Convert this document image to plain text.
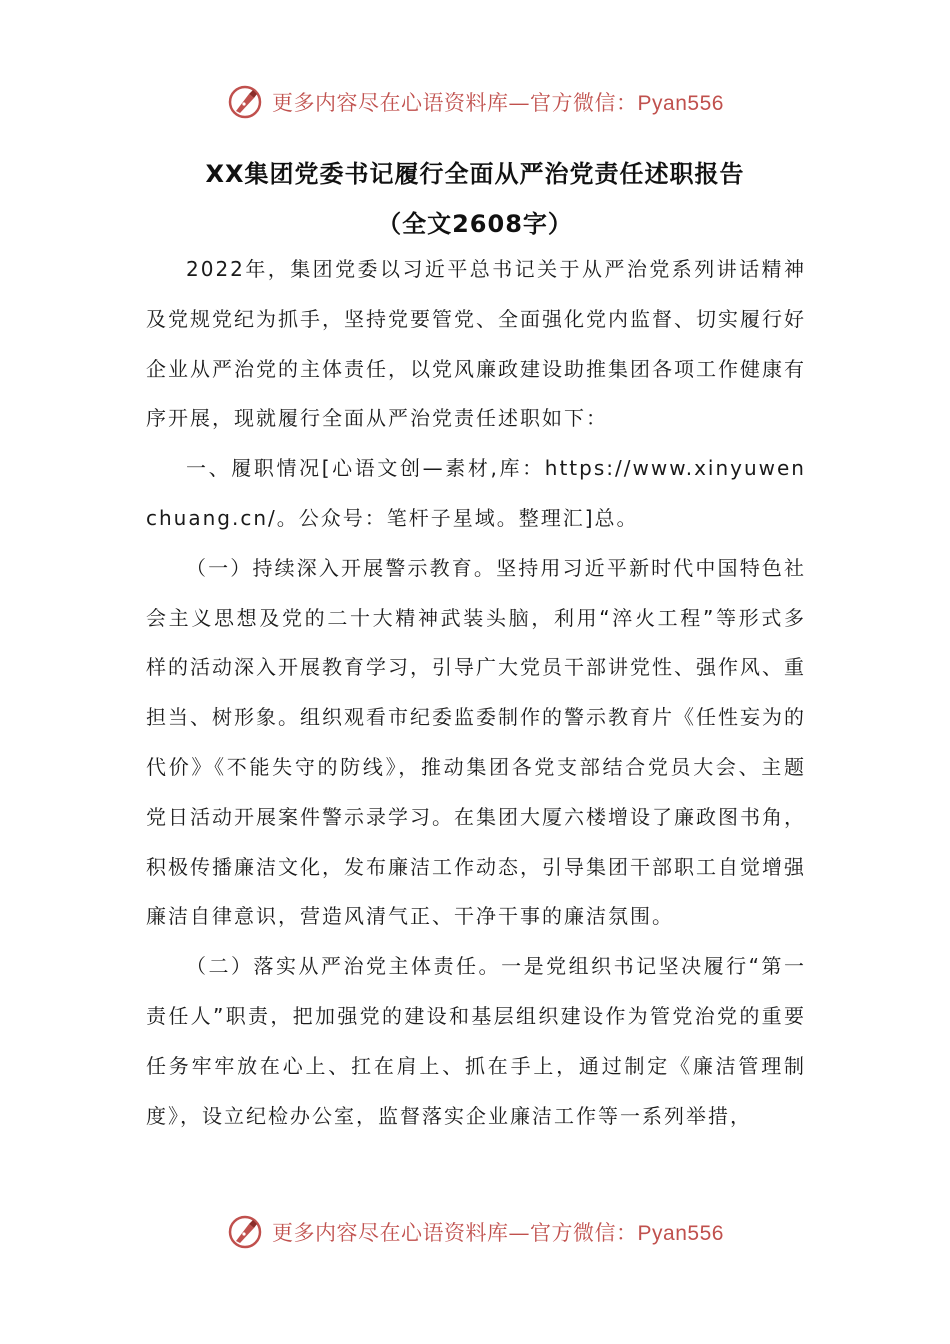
更多内容尽在心语资料库—官方微信：Pyan556
XX集团党委书记履行全面从严治党责任述职报告
（全文2608字）

2022年，集团党委以习近平总书记关于从严治党系列讲话精神及党规党纪为抓手，坚持党要管党、全面强化党内监督、切实履行好企业从严治党的主体责任，以党风廉政建设助推集团各项工作健康有序开展，现就履行全面从严治党责任述职如下：

一、履职情况[心语文创—素材,库：https://www.xinyuwenchuang.cn/。公众号：笔杆子星域。整理汇]总。

（一）持续深入开展警示教育。坚持用习近平新时代中国特色社会主义思想及党的二十大精神武装头脑，利用“淬火工程”等形式多样的活动深入开展教育学习，引导广大党员干部讲党性、强作风、重担当、树形象。组织观看市纪委监委制作的警示教育片《任性妄为的代价》《不能失守的防线》，推动集团各党支部结合党员大会、主题党日活动开展案件警示录学习。在集团大厦六楼增设了廉政图书角，积极传播廉洁文化，发布廉洁工作动态，引导集团干部职工自觉增强廉洁自律意识，营造风清气正、干净干事的廉洁氛围。

（二）落实从严治党主体责任。一是党组织书记坚决履行“第一责任人”职责，把加强党的建设和基层组织建设作为管党治党的重要任务牢牢放在心上、扛在肩上、抓在手上，通过制定《廉洁管理制度》，设立纪检办公室，监督落实企业廉洁工作等一系列举措，

更多内容尽在心语资料库—官方微信：Pyan556
